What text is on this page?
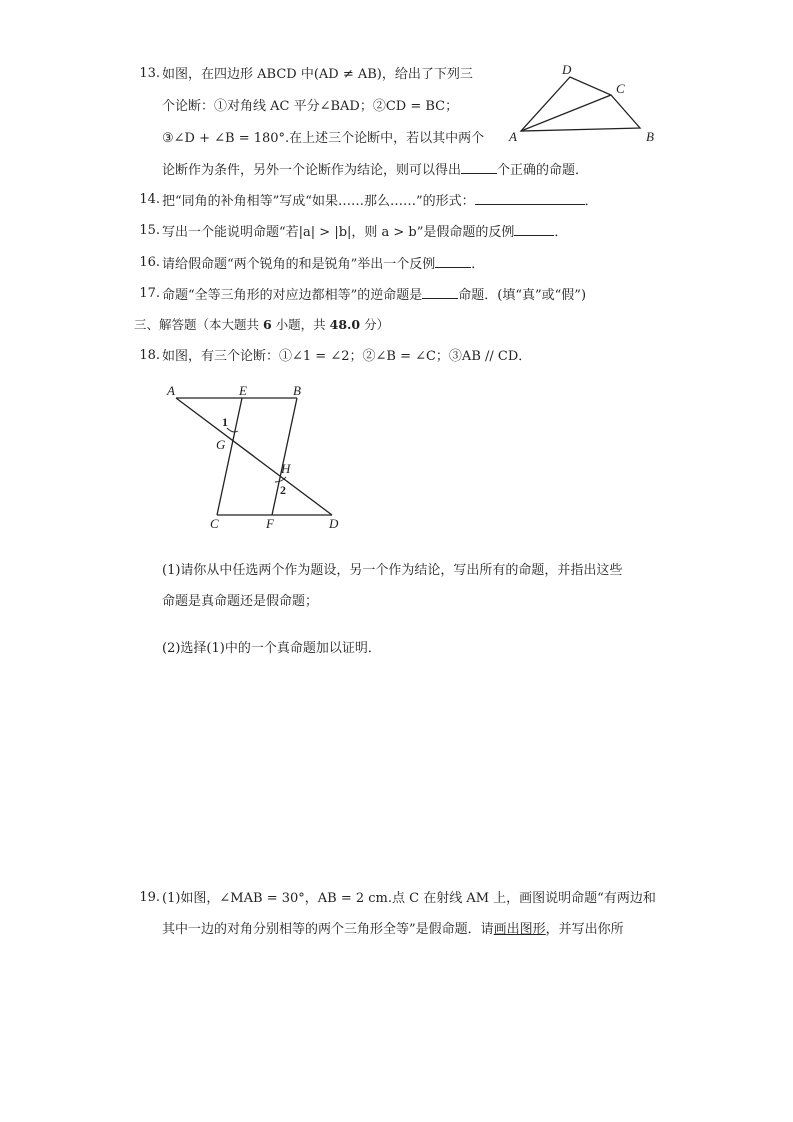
13. 如图，在四边形 ABCD 中(AD ≠ AB)，给出了下列三
个论断：①对角线 AC 平分∠BAD；②CD = BC；
③∠D + ∠B = 180°.在上述三个论断中，若以其中两个
论断作为条件，另外一个论断作为结论，则可以得出	个正确的命题．
A
D
C
B
14. 把“同角的补角相等”写成“如果……那么……”的形式：	．
15. 写出一个能说明命题“若|a| > |b|，则 a > b”是假命题的反例	．
16. 请给假命题“两个锐角的和是锐角”举出一个反例	．
17. 命题“全等三角形的对应边都相等”的逆命题是	命题．(填“真”或“假”)
三、解答题（本大题共 6 小题，共 48.0 分）
18. 如图，有三个论断：①∠1 = ∠2；②∠B = ∠C；③AB // CD．
A	E	B
1
G
H
2
C	F	D
(1)请你从中任选两个作为题设，另一个作为结论，写出所有的命题，并指出这些
命题是真命题还是假命题；
(2)选择(1)中的一个真命题加以证明．
19. (1)如图，∠MAB = 30°，AB = 2 cm.点 C 在射线 AM 上，画图说明命题“有两边和
其中一边的对角分别相等的两个三角形全等”是假命题．请画出图形，并写出你所
